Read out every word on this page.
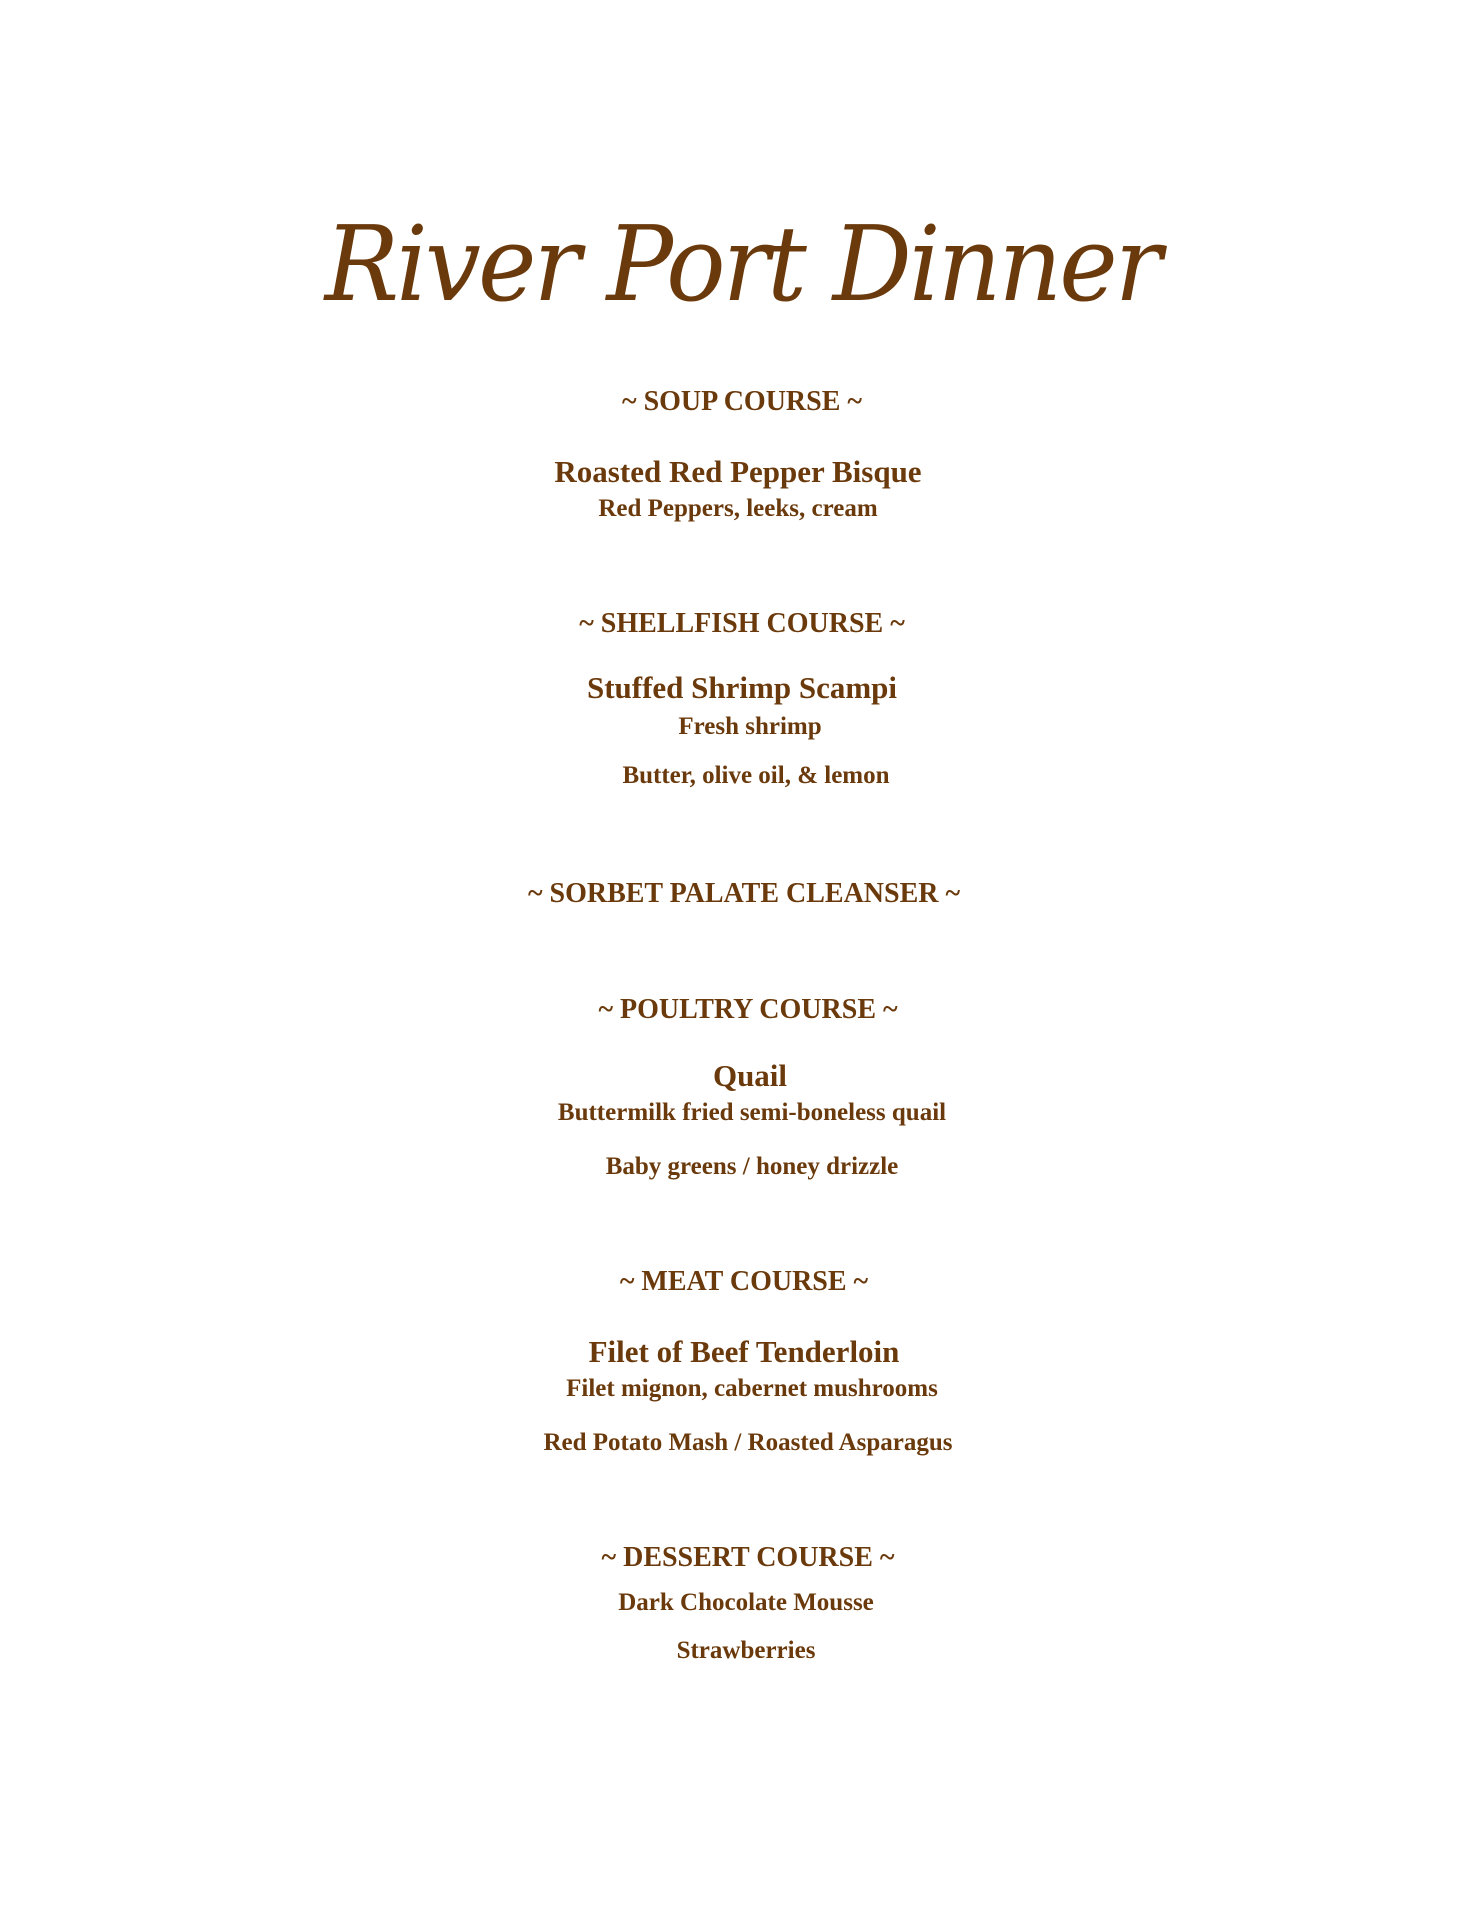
River Port Dinner
~ SOUP COURSE ~
Roasted Red Pepper Bisque
Red Peppers, leeks, cream
~ SHELLFISH COURSE ~
Stuffed Shrimp Scampi
Fresh shrimp
Butter, olive oil, & lemon
~ SORBET PALATE CLEANSER ~
~ POULTRY COURSE ~
Quail
Buttermilk fried semi-boneless quail
Baby greens / honey drizzle
~ MEAT COURSE ~
Filet of Beef Tenderloin
Filet mignon, cabernet mushrooms
Red Potato Mash / Roasted Asparagus
~ DESSERT COURSE ~
Dark Chocolate Mousse
Strawberries
